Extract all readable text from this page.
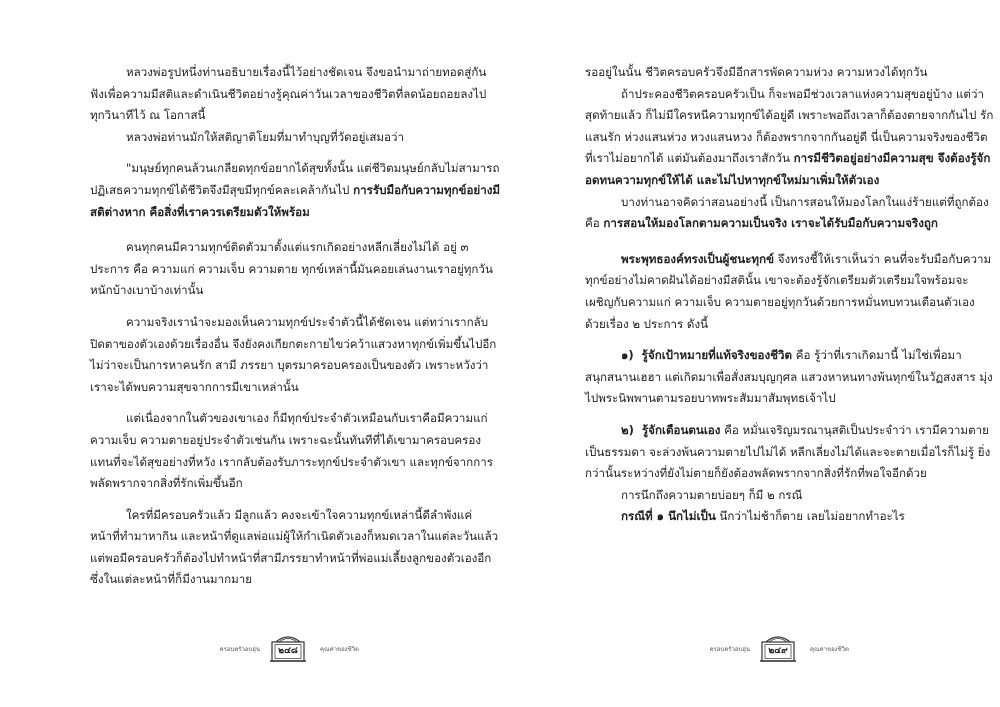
หลวงพ่อรูปหนึ่งท่านอธิบายเรื่องนี้ไว้อย่างชัดเจน จึงขอนำมาถ่ายทอดสู่กันฟังเพื่อความมีสติและดำเนินชีวิตอย่างรู้คุณค่าวันเวลาของชีวิตที่ลดน้อยถอยลงไปทุกวินาทีไว้ ณ โอกาสนี้

หลวงพ่อท่านมักให้สติญาติโยมที่มาทำบุญที่วัดอยู่เสมอว่า

"มนุษย์ทุกคนล้วนเกลียดทุกข์อยากได้สุขทั้งนั้น แต่ชีวิตมนุษย์กลับไม่สามารถปฏิเสธความทุกข์ได้ชีวิตจึงมีสุขมีทุกข์คละเคล้ากันไป การรับมือกับความทุกข์อย่างมีสติต่างหาก คือสิ่งที่เราควรเตรียมตัวให้พร้อม

คนทุกคนมีความทุกข์ติดตัวมาตั้งแต่แรกเกิดอย่างหลีกเลี่ยงไม่ได้ อยู่ ๓ ประการ คือ ความแก่ ความเจ็บ ความตาย ทุกข์เหล่านี้มันคอยเล่นงานเราอยู่ทุกวัน หนักบ้างเบาบ้างเท่านั้น

ความจริงเรานำจะมองเห็นความทุกข์ประจำตัวนี้ได้ชัดเจน แต่ทว่าเรากลับปิดตาของตัวเองด้วยเรื่องอื่น จึงยังคงเกียกตะกายไขว่คว้าแสวงหาทุกข์เพิ่มขึ้นไปอีก ไม่ว่าจะเป็นการหาคนรัก สามี ภรรยา บุตรมาครอบครองเป็นของตัว เพราะหวังว่าเราจะได้พบความสุขจากการมีเขาเหล่านั้น

แต่เนื่องจากในตัวของเขาเอง ก็มีทุกข์ประจำตัวเหมือนกับเราคือมีความแก่ ความเจ็บ ความตายอยู่ประจำตัวเช่นกัน เพราะฉะนั้นทันทีที่ได้เขามาครอบครอง แทนที่จะได้สุขอย่างที่หวัง เรากลับต้องรับภาระทุกข์ประจำตัวเขา และทุกข์จากการพลัดพรากจากสิ่งที่รักเพิ่มขึ้นอีก

ใครที่มีครอบครัวแล้ว มีลูกแล้ว คงจะเข้าใจความทุกข์เหล่านี้ดีลำพังแค่หน้าที่ทำมาหากิน และหน้าที่ดูแลพ่อแม่ผู้ให้กำเนิดตัวเองก็หมดเวลาในแต่ละวันแล้ว แต่พอมีครอบครัวก็ต้องไปทำหน้าที่สามีภรรยาทำหน้าที่พ่อแม่เลี้ยงลูกของตัวเองอีก ซึ่งในแต่ละหน้าที่ก็มีงานมากมาย

รออยู่ในนั้น ชีวิตครอบครัวจึงมีอีกสารพัดความห่วง ความหวงได้ทุกวัน

ถ้าประคองชีวิตครอบครัวเป็น ก็จะพอมีช่วงเวลาแห่งความสุขอยู่บ้าง แต่ว่าสุดท้ายแล้ว ก็ไม่มีใครหนีความทุกข์ได้อยู่ดี เพราะพอถึงเวลาก็ต้องตายจากกันไป รักแสนรัก ห่วงแสนห่วง หวงแสนหวง ก็ต้องพรากจากกันอยู่ดี นี่เป็นความจริงของชีวิตที่เราไม่อยากได้ แต่มันต้องมาถึงเราสักวัน การมีชีวิตอยู่อย่างมีความสุข จึงต้องรู้จักอดทนความทุกข์ให้ได้ และไม่ไปหาทุกข์ใหม่มาเพิ่มให้ตัวเอง

บางท่านอาจคิดว่าสอนอย่างนี้ เป็นการสอนให้มองโลกในแง่ร้ายแต่ที่ถูกต้อง คือ การสอนให้มองโลกตามความเป็นจริง เราจะได้รับมือกับความจริงถูก

พระพุทธองค์ทรงเป็นผู้ชนะทุกข์ จึงทรงชี้ให้เราเห็นว่า คนที่จะรับมือกับความทุกข์อย่างไม่คาดฝันได้อย่างมีสตินั้น เขาจะต้องรู้จักเตรียมตัวเตรียมใจพร้อมจะเผชิญกับความแก่ ความเจ็บ ความตายอยู่ทุกวันด้วยการหมั่นทบทวนเตือนตัวเองด้วยเรื่อง ๒ ประการ ดังนี้

๑) รู้จักเป้าหมายที่แท้จริงของชีวิต คือ รู้ว่าที่เราเกิดมานี้ ไม่ใช่เพื่อมาสนุกสนานเฮฮา แต่เกิดมาเพื่อสั่งสมบุญกุศล แสวงหาหนทางพ้นทุกข์ในวัฏสงสาร มุ่งไปพระนิพพานตามรอยบาทพระสัมมาสัมพุทธเจ้าไป

๒) รู้จักเตือนตนเอง คือ หมั่นเจริญมรณานุสติเป็นประจำว่า เรามีความตายเป็นธรรมดา จะล่วงพ้นความตายไปไม่ได้ หลีกเลี่ยงไม่ได้และจะตายเมื่อไรก็ไม่รู้ ยิ่งกว่านั้นระหว่างที่ยังไม่ตายก็ยังต้องพลัดพรากจากสิ่งที่รักที่พอใจอีกด้วย

การนึกถึงความตายบ่อยๆ ก็มี ๒ กรณี

กรณีที่ ๑ นึกไม่เป็น นึกว่าไม่ช้าก็ตาย เลยไม่อยากทำอะไร

ครอบครัวอบอุ่น	๒๔๘	คุณค่าของชีวิต	ครอบครัวอบอุ่น	๒๔๙	คุณค่าของชีวิต
